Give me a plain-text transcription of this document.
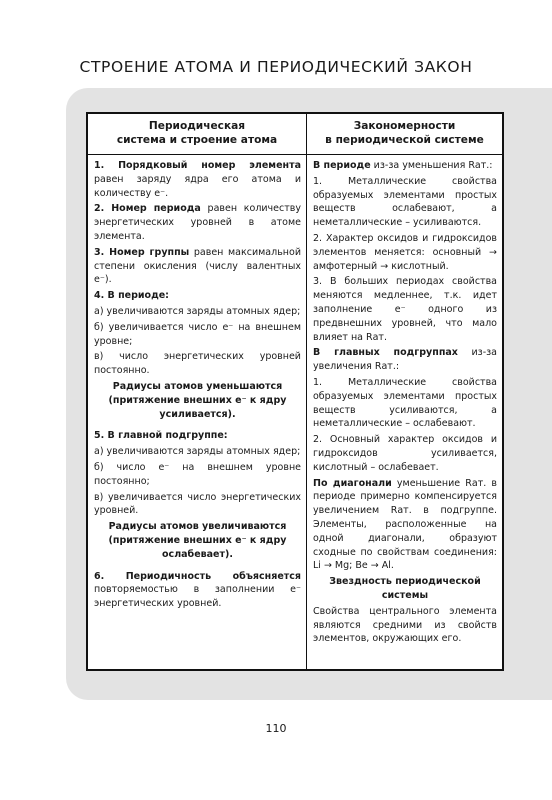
СТРОЕНИЕ АТОМА И ПЕРИОДИЧЕСКИЙ ЗАКОН
Периодическая
система и строение атома
Закономерности
в периодической системе

1. Порядковый номер элемента равен заряду ядра его атома и количеству e⁻.

2. Номер периода равен количеству энергетических уровней в атоме элемента.

3. Номер группы равен максимальной степени окисления (числу валентных e⁻).

4. В периоде:

а) увеличиваются заряды атомных ядер;

б) увеличивается число e⁻ на внешнем уровне;

в) число энергетических уровней постоянно.

Радиусы атомов уменьшаются (притяжение внешних e⁻ к ядру усиливается).

5. В главной подгруппе:

а) увеличиваются заряды атомных ядер;

б) число e⁻ на внешнем уровне постоянно;

в) увеличивается число энергетических уровней.

Радиусы атомов увеличиваются (притяжение внешних e⁻ к ядру ослабевает).

6. Периодичность объясняется повторяемостью в заполнении e⁻ энергетических уровней.

В периоде из-за уменьшения Rат.:

1. Металлические свойства образуемых элементами простых веществ ослабевают, а неметаллические – усиливаются.

2. Характер оксидов и гидроксидов элементов меняется: основный → амфотерный → кислотный.

3. В больших периодах свойства меняются медленнее, т.к. идет заполнение e⁻ одного из предвнешних уровней, что мало влияет на Rат.

В главных подгруппах из-за увеличения Rат.:

1. Металлические свойства образуемых элементами простых веществ усиливаются, а неметаллические – ослабевают.

2. Основный характер оксидов и гидроксидов усиливается, кислотный – ослабевает.

По диагонали уменьшение Rат. в периоде примерно компенсируется увеличением Rат. в подгруппе. Элементы, расположенные на одной диагонали, образуют сходные по свойствам соединения: Li → Mg; Be → Al.

Звездность периодической системы

Свойства центрального элемента являются средними из свойств элементов, окружающих его.

110
